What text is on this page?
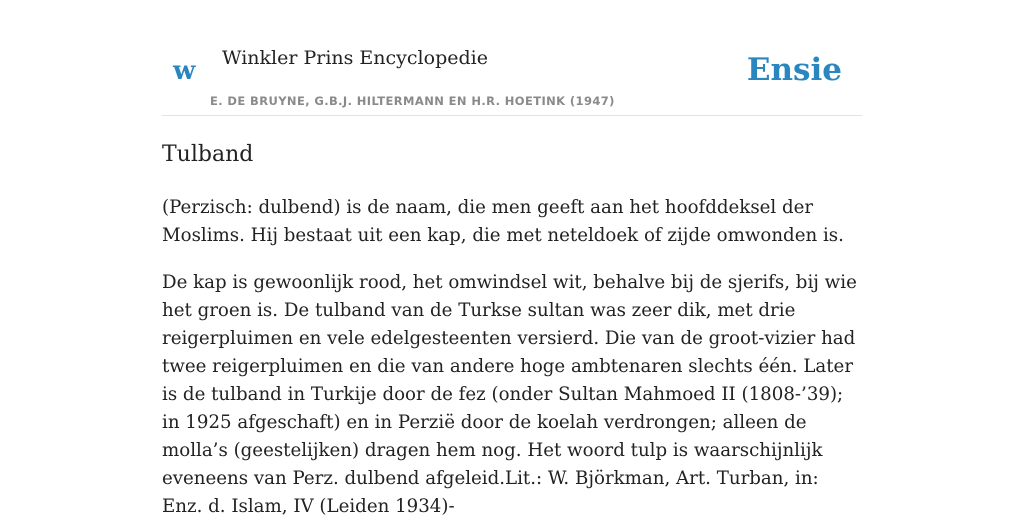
w Winkler Prins Encyclopedie
E. DE BRUYNE, G.B.J. HILTERMANN EN H.R. HOETINK (1947)
Ensie
Tulband

(Perzisch: dulbend) is de naam, die men geeft aan het hoofddeksel der Moslims. Hij bestaat uit een kap, die met neteldoek of zijde omwonden is.

De kap is gewoonlijk rood, het omwindsel wit, behalve bij de sjerifs, bij wie het groen is. De tulband van de Turkse sultan was zeer dik, met drie reigerpluimen en vele edelgesteenten versierd. Die van de groot-vizier had twee reigerpluimen en die van andere hoge ambtenaren slechts één. Later is de tulband in Turkije door de fez (onder Sultan Mahmoed II (1808-’39); in 1925 afgeschaft) en in Perzië door de koelah verdrongen; alleen de molla’s (geestelijken) dragen hem nog. Het woord tulp is waarschijnlijk eveneens van Perz. dulbend afgeleid.Lit.: W. Björkman, Art. Turban, in: Enz. d. Islam, IV (Leiden 1934)-
